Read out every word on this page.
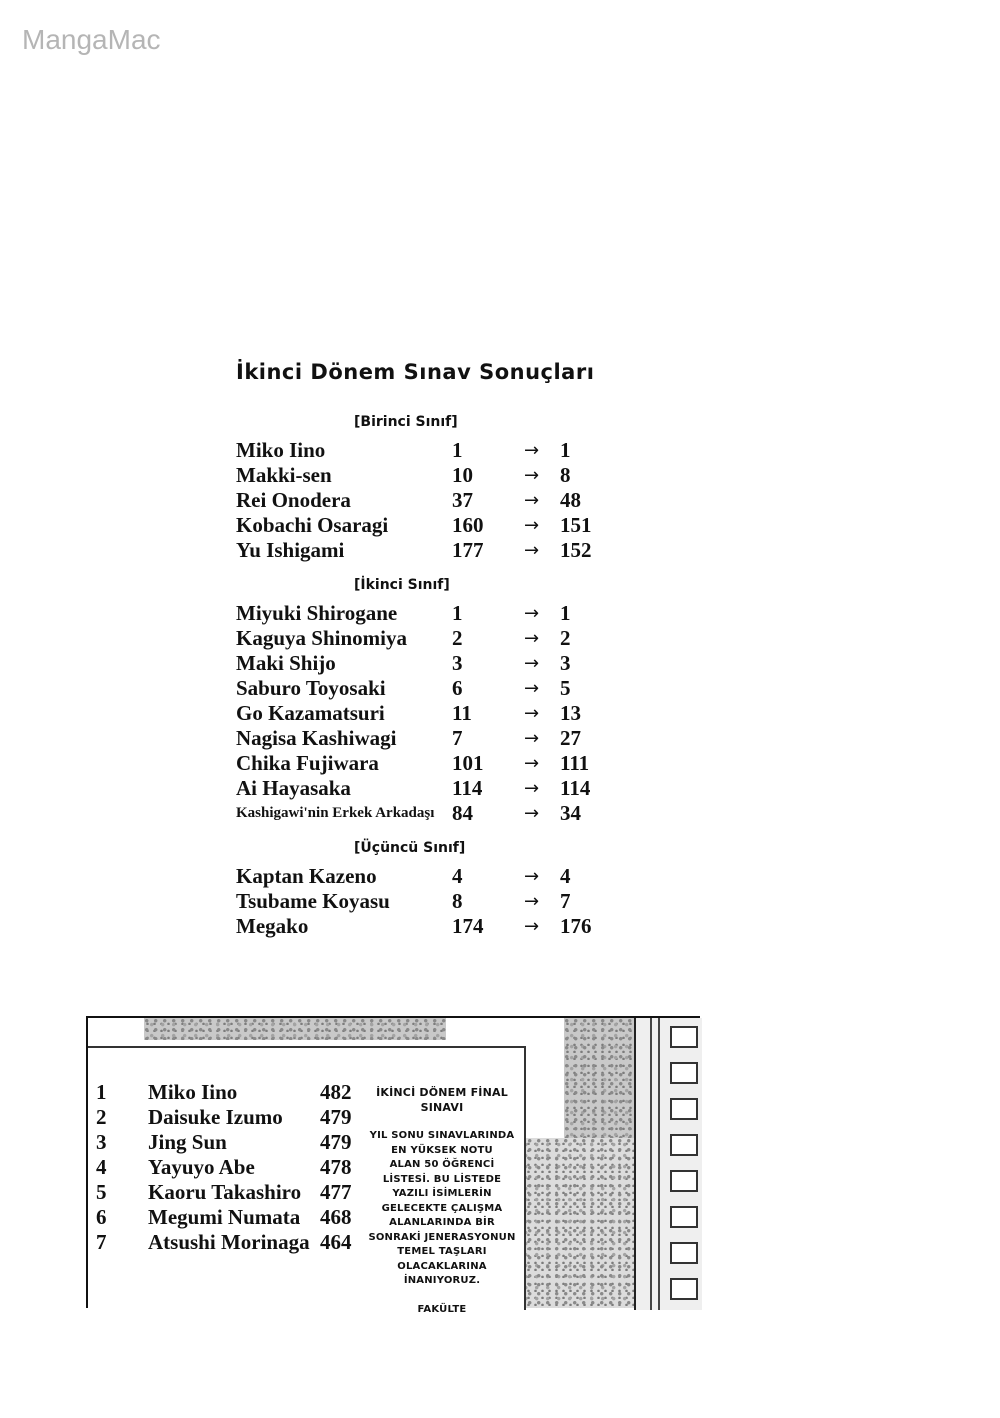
MangaMac
İkinci Dönem Sınav Sonuçları
[Birinci Sınıf]
Miko Iino	1	→ 1
Makki-sen	10	→ 8
Rei Onodera	37	→ 48
Kobachi Osaragi	160	→ 151
Yu Ishigami	177	→ 152
[İkinci Sınıf]
Miyuki Shirogane	1	→ 1
Kaguya Shinomiya	2	→ 2
Maki Shijo	3	→ 3
Saburo Toyosaki	6	→ 5
Go Kazamatsuri	11	→ 13
Nagisa Kashiwagi	7	→ 27
Chika Fujiwara	101	→ 111
Ai Hayasaka	114	→ 114
Kashigawi'nin Erkek Arkadaşı 84	→ 34
[Üçüncü Sınıf]
Kaptan Kazeno	4	→ 4
Tsubame Koyasu	8	→ 7
Megako	174	→ 176
1	Miko Iino	482
2	Daisuke Izumo	479
3	Jing Sun	479
4	Yayuyo Abe	478
5	Kaoru Takashiro 477
6	Megumi Numata 468
7	Atsushi Morinaga 464
İKİNCİ DÖNEM FİNAL SINAVI
YIL SONU SINAVLARINDA
EN YÜKSEK NOTU
ALAN 50 ÖĞRENCİ
LİSTESİ. BU LİSTEDE
YAZILI İSİMLERİN
GELECEKTE ÇALIŞMA
ALANLARINDA BİR
SONRAKİ JENERASYONUN
TEMEL TAŞLARI
OLACAKLARINA
İNANIYORUZ.
FAKÜLTE
